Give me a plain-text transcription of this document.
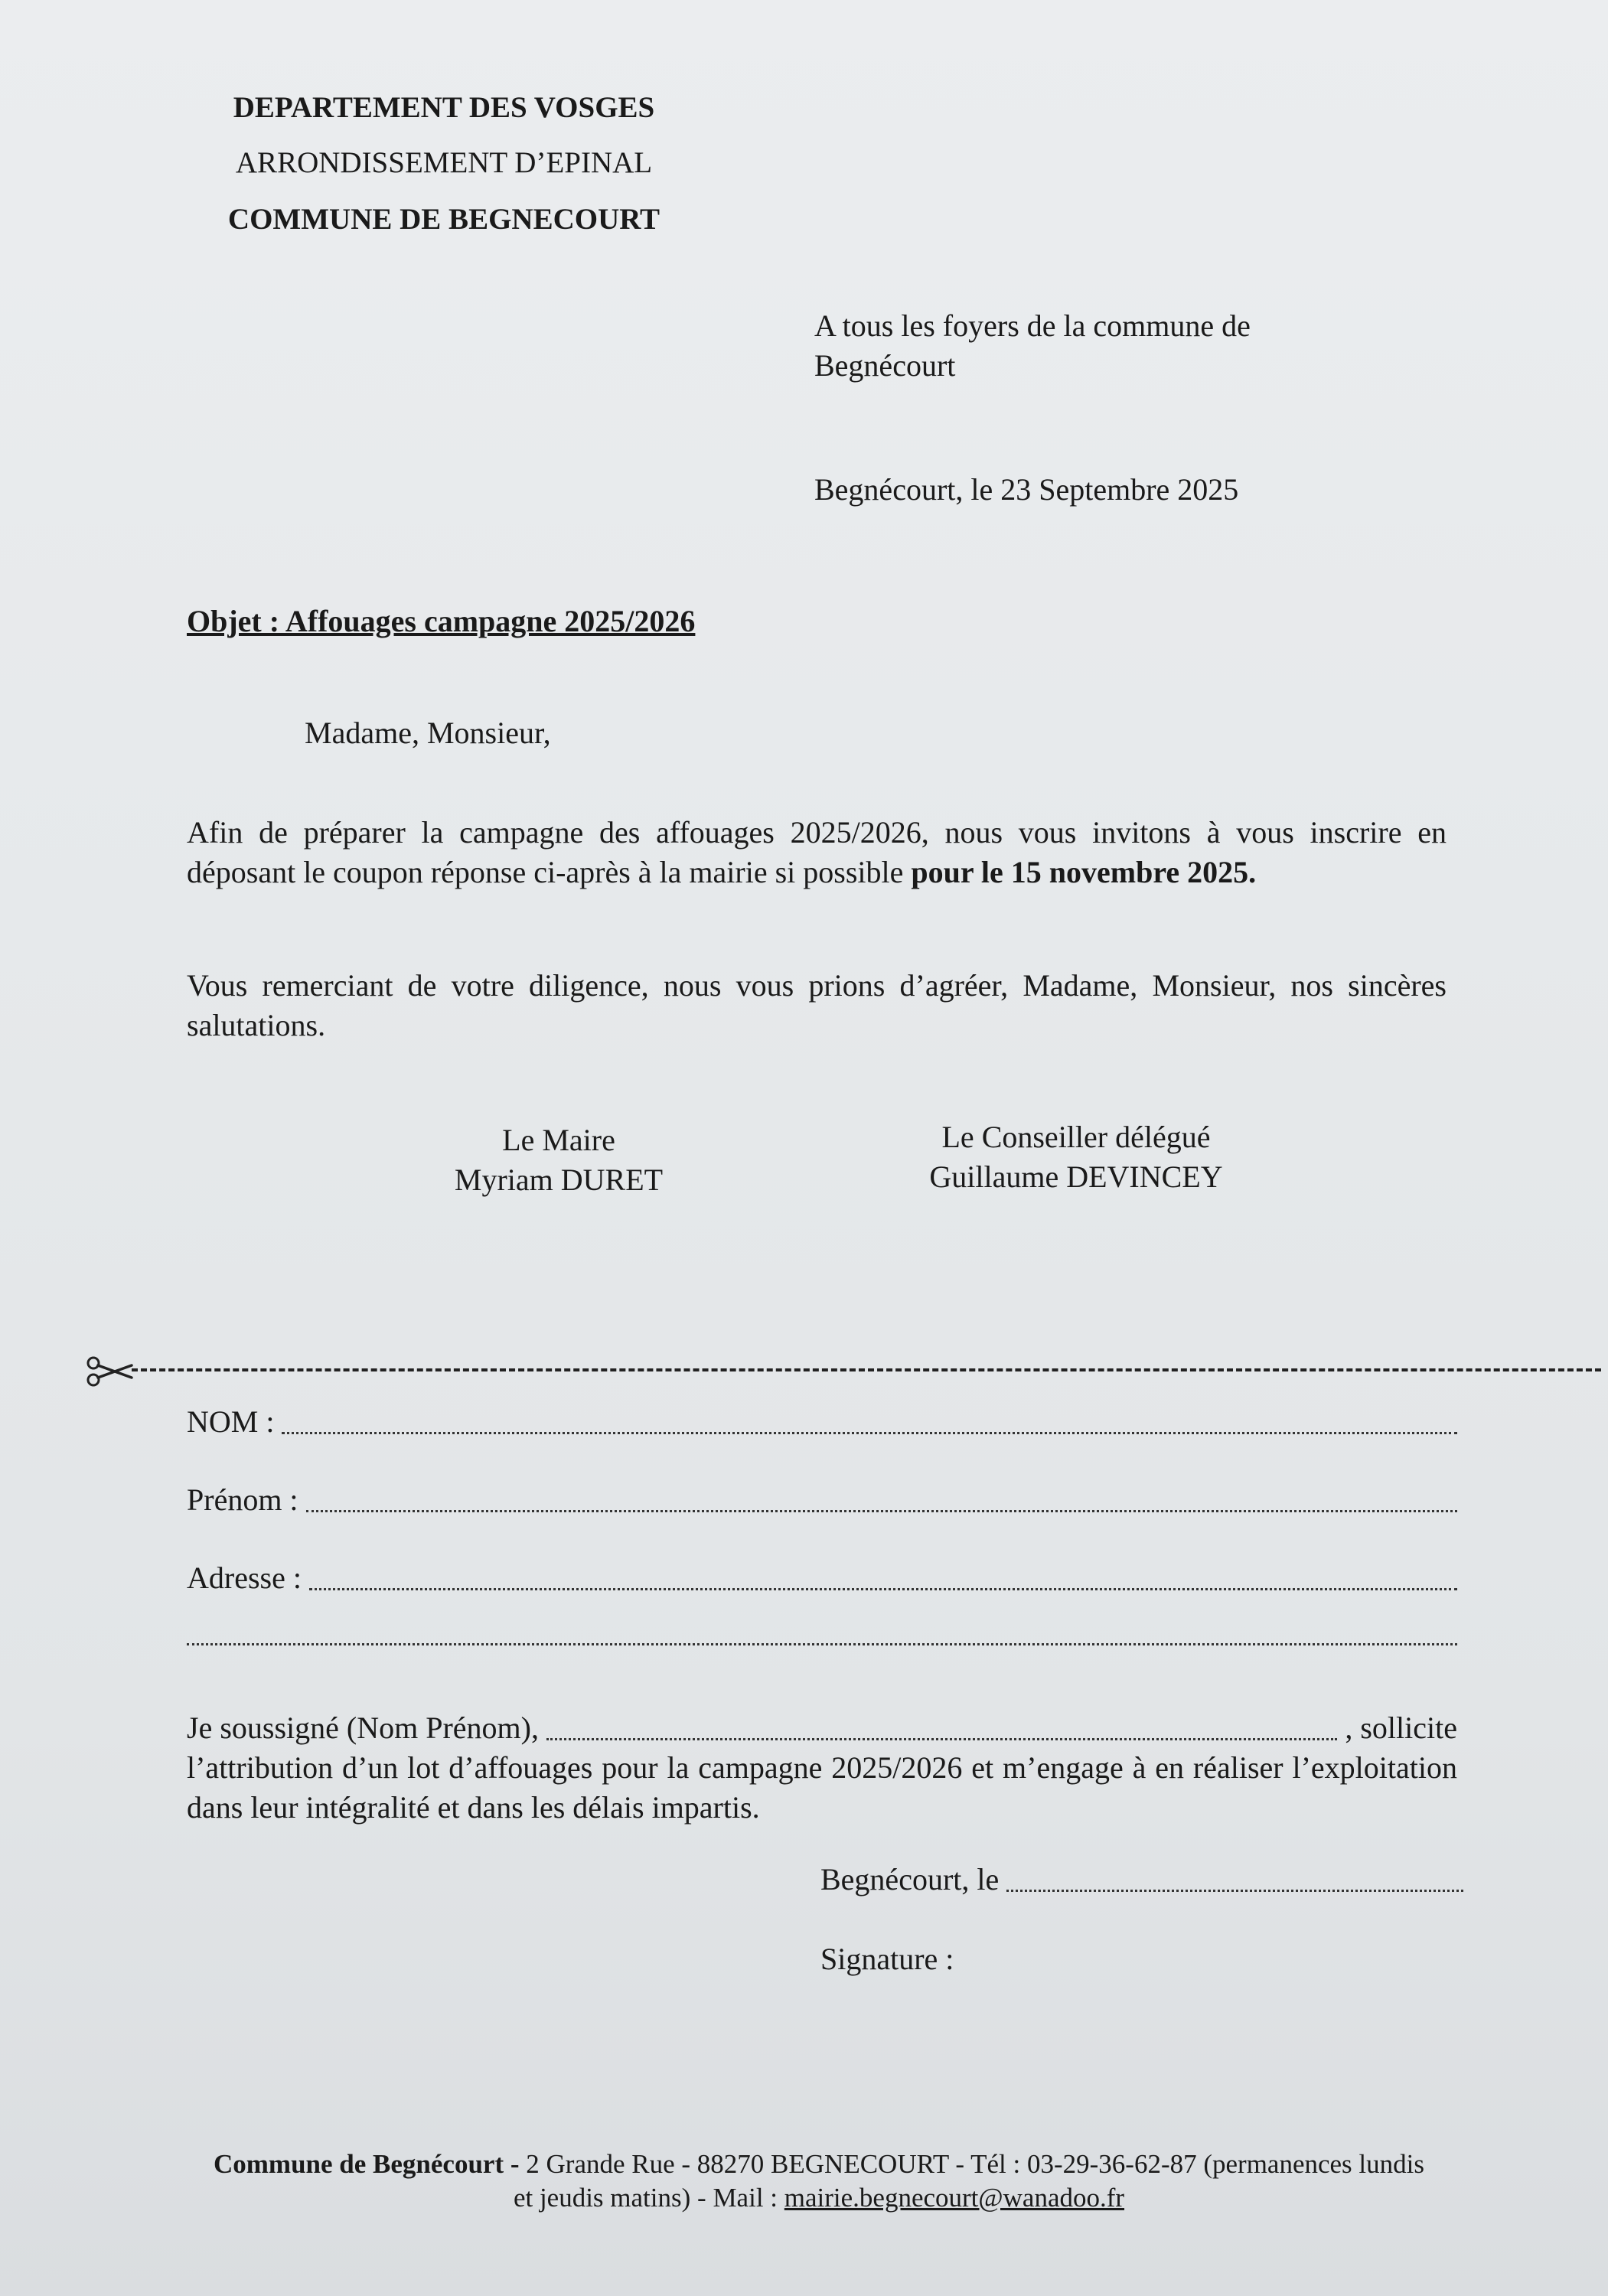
DEPARTEMENT DES VOSGES
ARRONDISSEMENT D’EPINAL
COMMUNE DE BEGNECOURT
A tous les foyers de la commune de
Begnécourt
Begnécourt, le 23 Septembre 2025
Objet : Affouages campagne 2025/2026
Madame, Monsieur,
Afin de préparer la campagne des affouages 2025/2026, nous vous invitons à vous inscrire en déposant le coupon réponse ci-après à la mairie si possible pour le 15 novembre 2025.
Vous remerciant de votre diligence, nous vous prions d’agréer, Madame, Monsieur, nos sincères salutations.
Le Maire
Myriam DURET
Le Conseiller délégué
Guillaume DEVINCEY
NOM :
Prénom :
Adresse :
Je soussigné (Nom Prénom),	, sollicite
l’attribution d’un lot d’affouages pour la campagne 2025/2026 et m’engage à en réaliser l’exploitation dans leur intégralité et dans les délais impartis.
Begnécourt, le
Signature :
Commune de Begnécourt - 2 Grande Rue - 88270 BEGNECOURT - Tél : 03-29-36-62-87 (permanences lundis
et jeudis matins) - Mail : mairie.begnecourt@wanadoo.fr
